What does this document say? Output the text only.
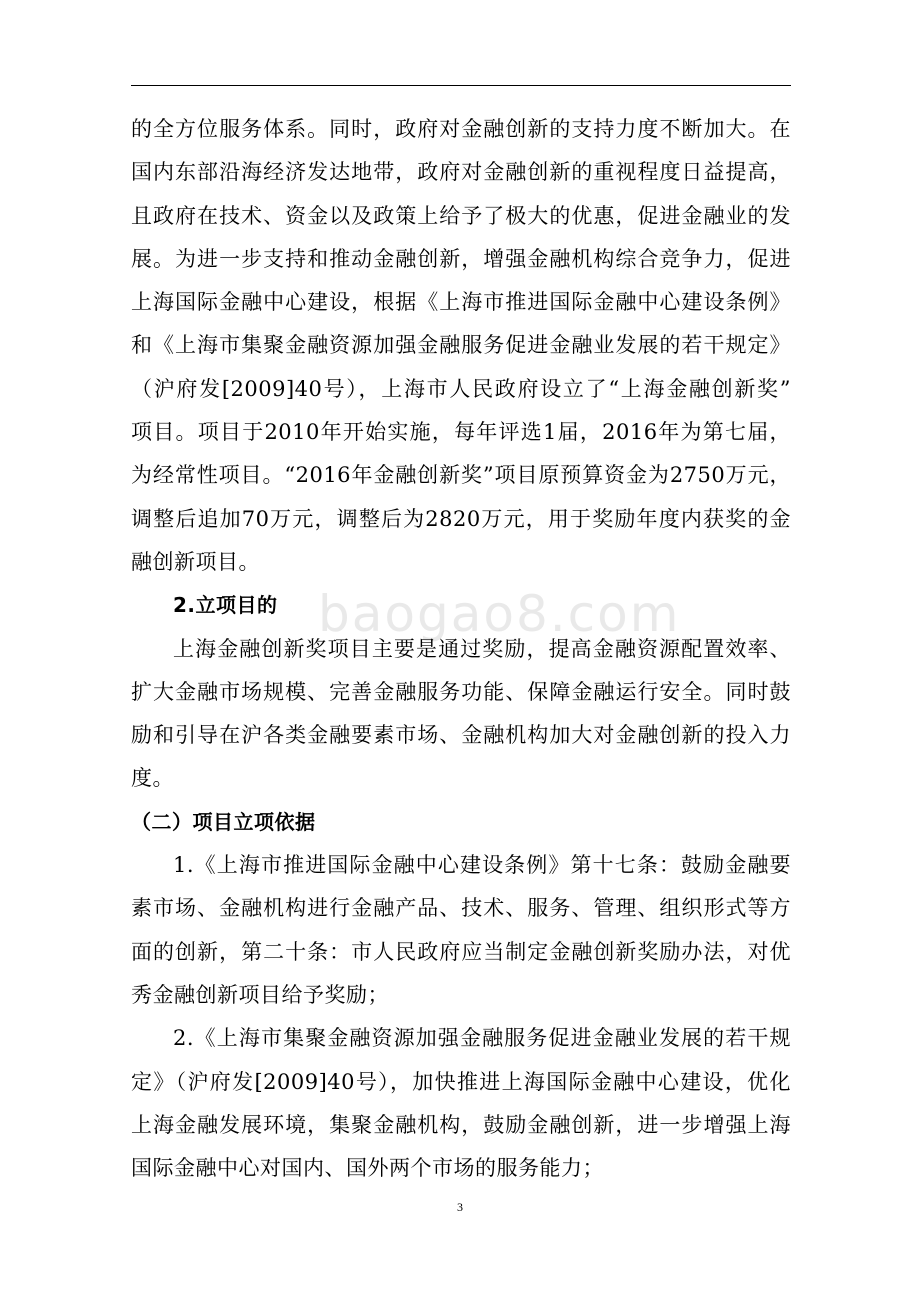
baogao8.com
的全方位服务体系。同时，政府对金融创新的支持力度不断加大。在
国内东部沿海经济发达地带，政府对金融创新的重视程度日益提高，
且政府在技术、资金以及政策上给予了极大的优惠，促进金融业的发
展。为进一步支持和推动金融创新，增强金融机构综合竞争力，促进
上海国际金融中心建设，根据《上海市推进国际金融中心建设条例》
和《上海市集聚金融资源加强金融服务促进金融业发展的若干规定》
（沪府发[2009]40号），上海市人民政府设立了“上海金融创新奖”
项目。项目于2010年开始实施，每年评选1届，2016年为第七届，
为经常性项目。“2016年金融创新奖”项目原预算资金为2750万元，
调整后追加70万元，调整后为2820万元，用于奖励年度内获奖的金
融创新项目。
2.立项目的
上海金融创新奖项目主要是通过奖励，提高金融资源配置效率、
扩大金融市场规模、完善金融服务功能、保障金融运行安全。同时鼓
励和引导在沪各类金融要素市场、金融机构加大对金融创新的投入力
度。
（二）项目立项依据
1.《上海市推进国际金融中心建设条例》第十七条：鼓励金融要
素市场、金融机构进行金融产品、技术、服务、管理、组织形式等方
面的创新，第二十条：市人民政府应当制定金融创新奖励办法，对优
秀金融创新项目给予奖励；
2.《上海市集聚金融资源加强金融服务促进金融业发展的若干规
定》（沪府发[2009]40号），加快推进上海国际金融中心建设，优化
上海金融发展环境，集聚金融机构，鼓励金融创新，进一步增强上海
国际金融中心对国内、国外两个市场的服务能力；
3
